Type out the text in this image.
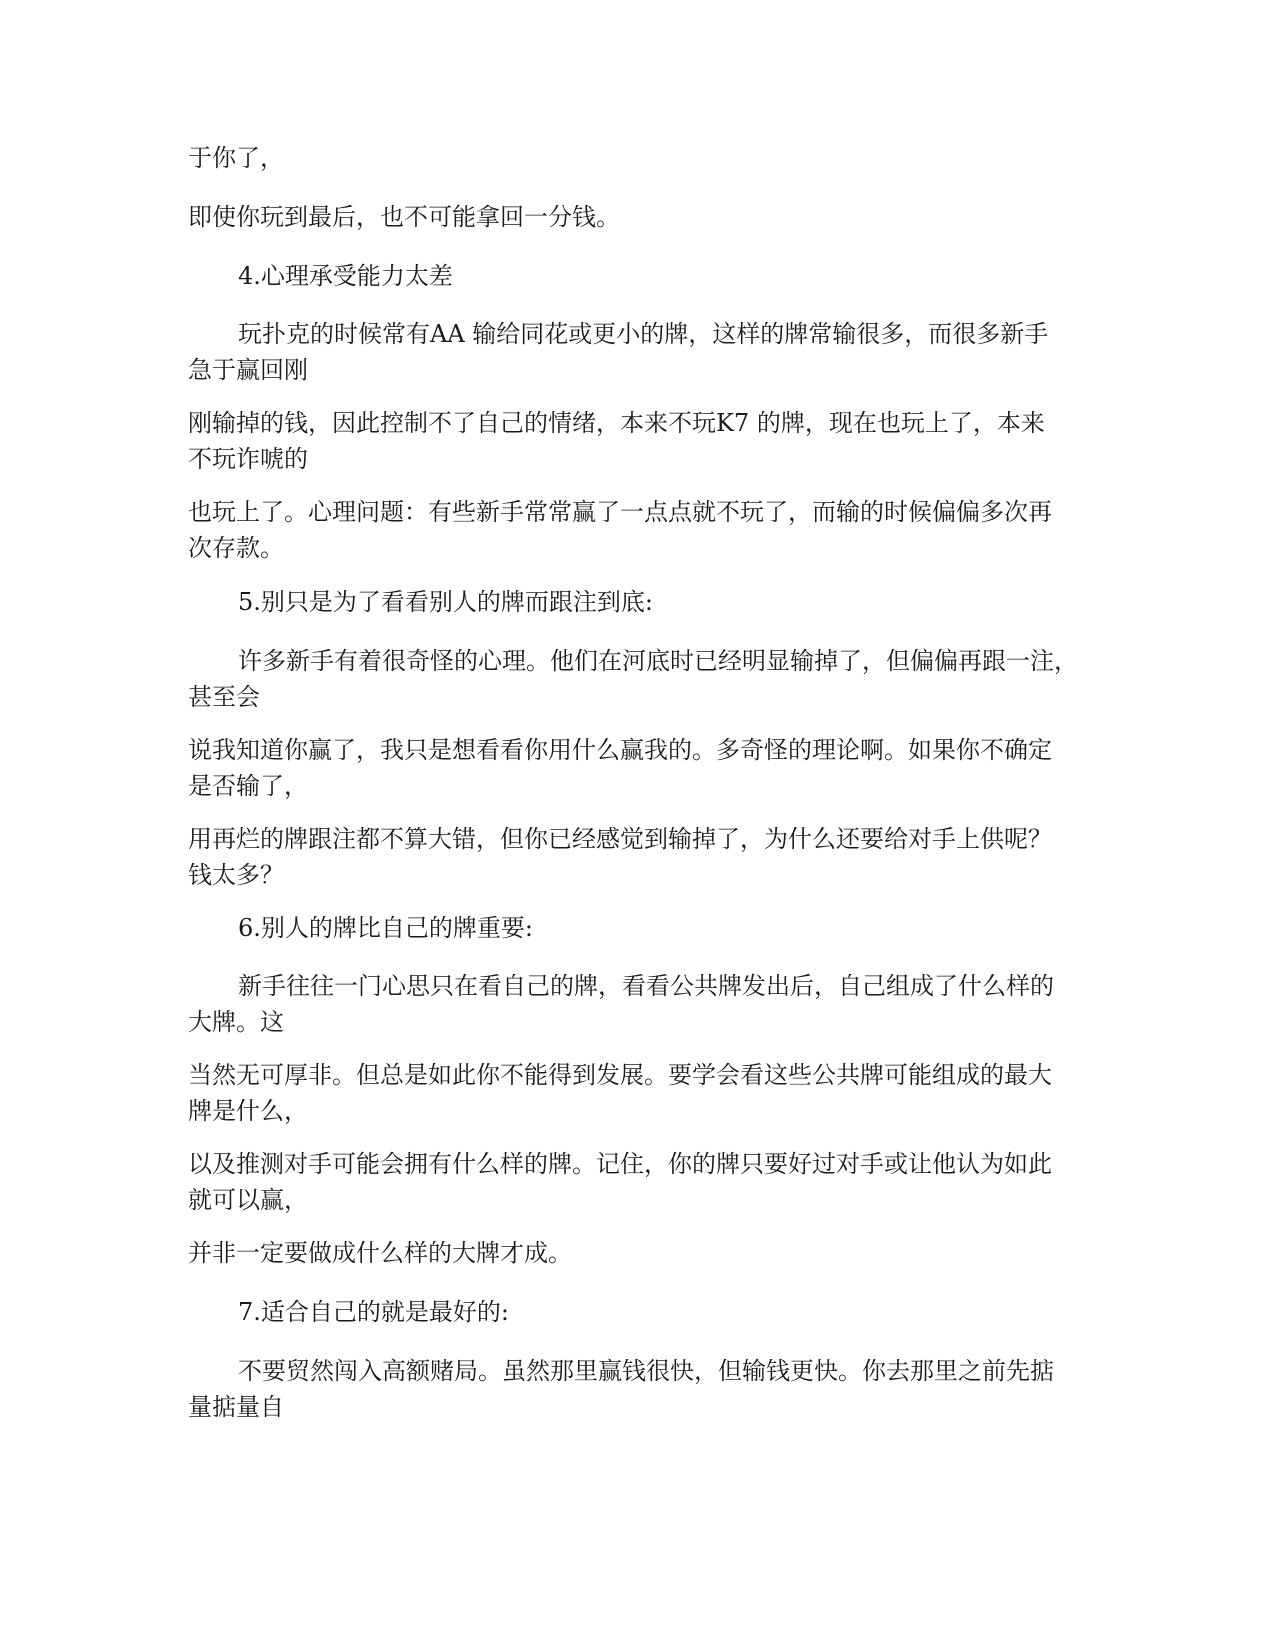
于你了，

即使你玩到最后，也不可能拿回一分钱。

4.心理承受能力太差

玩扑克的时候常有AA 输给同花或更小的牌，这样的牌常输很多，而很多新手
急于赢回刚

刚输掉的钱，因此控制不了自己的情绪，本来不玩K7 的牌，现在也玩上了，本来
不玩诈唬的

也玩上了。心理问题：有些新手常常赢了一点点就不玩了，而输的时候偏偏多次再
次存款。

5.别只是为了看看别人的牌而跟注到底:

许多新手有着很奇怪的心理。他们在河底时已经明显输掉了，但偏偏再跟一注，
甚至会

说我知道你赢了，我只是想看看你用什么赢我的。多奇怪的理论啊。如果你不确定
是否输了，

用再烂的牌跟注都不算大错，但你已经感觉到输掉了，为什么还要给对手上供呢？
钱太多？

6.别人的牌比自己的牌重要:

新手往往一门心思只在看自己的牌，看看公共牌发出后，自己组成了什么样的
大牌。这

当然无可厚非。但总是如此你不能得到发展。要学会看这些公共牌可能组成的最大
牌是什么，

以及推测对手可能会拥有什么样的牌。记住，你的牌只要好过对手或让他认为如此
就可以赢，

并非一定要做成什么样的大牌才成。

7.适合自己的就是最好的:

不要贸然闯入高额赌局。虽然那里赢钱很快，但输钱更快。你去那里之前先掂
量掂量自
